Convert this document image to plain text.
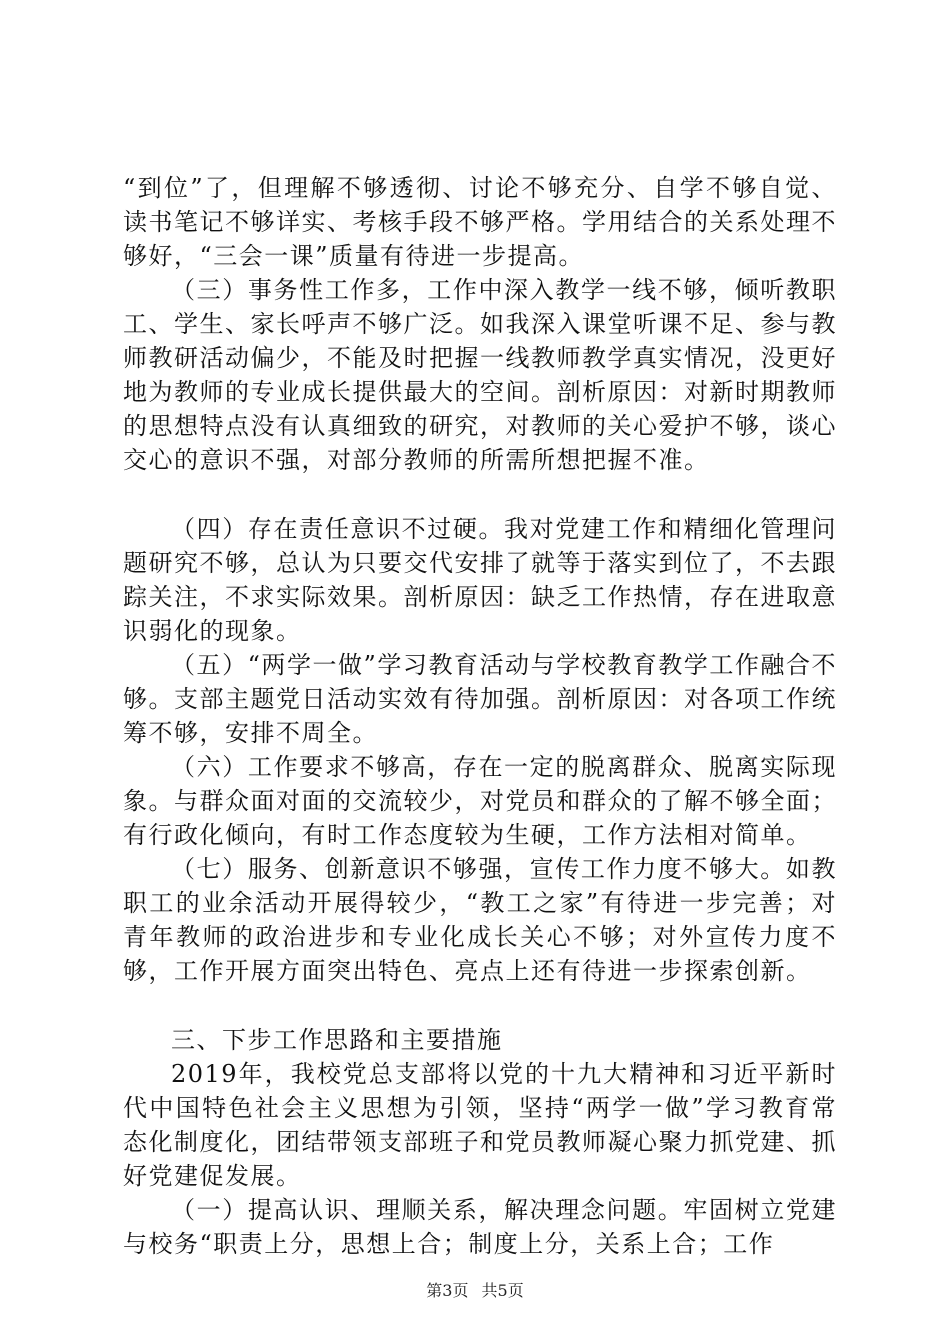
“到位”了，但理解不够透彻、讨论不够充分、自学不够自觉、读书笔记不够详实、考核手段不够严格。学用结合的关系处理不够好，“三会一课”质量有待进一步提高。

（三）事务性工作多，工作中深入教学一线不够，倾听教职工、学生、家长呼声不够广泛。如我深入课堂听课不足、参与教师教研活动偏少，不能及时把握一线教师教学真实情况，没更好地为教师的专业成长提供最大的空间。剖析原因：对新时期教师的思想特点没有认真细致的研究，对教师的关心爱护不够，谈心交心的意识不强，对部分教师的所需所想把握不准。

（四）存在责任意识不过硬。我对党建工作和精细化管理问题研究不够，总认为只要交代安排了就等于落实到位了，不去跟踪关注，不求实际效果。剖析原因：缺乏工作热情，存在进取意识弱化的现象。

（五）“两学一做”学习教育活动与学校教育教学工作融合不够。支部主题党日活动实效有待加强。剖析原因：对各项工作统筹不够，安排不周全。

（六）工作要求不够高，存在一定的脱离群众、脱离实际现象。与群众面对面的交流较少，对党员和群众的了解不够全面；有行政化倾向，有时工作态度较为生硬，工作方法相对简单。

（七）服务、创新意识不够强，宣传工作力度不够大。如教职工的业余活动开展得较少，“教工之家”有待进一步完善；对青年教师的政治进步和专业化成长关心不够；对外宣传力度不够，工作开展方面突出特色、亮点上还有待进一步探索创新。

三、下步工作思路和主要措施

2019年，我校党总支部将以党的十九大精神和习近平新时代中国特色社会主义思想为引领，坚持“两学一做”学习教育常态化制度化，团结带领支部班子和党员教师凝心聚力抓党建、抓好党建促发展。

（一）提高认识、理顺关系，解决理念问题。牢固树立党建与校务“职责上分，思想上合；制度上分，关系上合；工作

第3页 共5页
